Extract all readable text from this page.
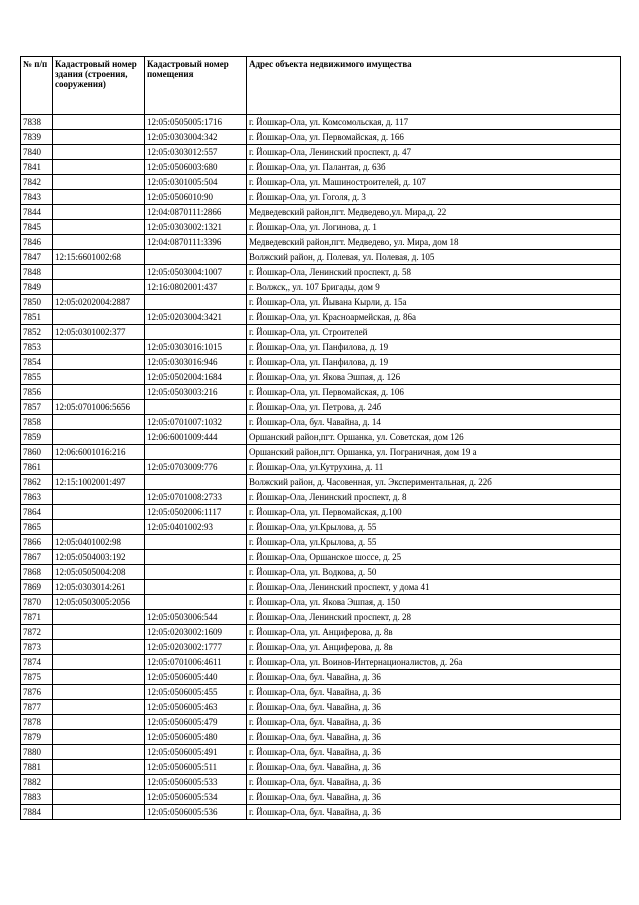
№ п/п	Кадастровый номер здания (строения, сооружения)	Кадастровый номер помещения	Адрес объекта недвижимого имущества
7838		12:05:0505005:1716	г. Йошкар-Ола, ул. Комсомольская, д. 117
7839		12:05:0303004:342	г. Йошкар-Ола, ул. Первомайская, д. 166
7840		12:05:0303012:557	г. Йошкар-Ола, Ленинский проспект, д. 47
7841		12:05:0506003:680	г. Йошкар-Ола, ул. Палантая, д. 63б
7842		12:05:0301005:504	г. Йошкар-Ола, ул. Машиностроителей, д. 107
7843		12:05:0506010:90	г. Йошкар-Ола, ул. Гоголя, д. 3
7844		12:04:0870111:2866	Медведевский район,пгт. Медведево,ул. Мира,д. 22
7845		12:05:0303002:1321	г. Йошкар-Ола, ул. Логинова, д. 1
7846		12:04:0870111:3396	Медведевский район,пгт. Медведево, ул. Мира, дом 18
7847	12:15:6601002:68		Волжский район, д. Полевая, ул. Полевая, д. 105
7848		12:05:0503004:1007	г. Йошкар-Ола, Ленинский проспект, д. 58
7849		12:16:0802001:437	г. Волжск,, ул. 107 Бригады, дом 9
7850	12:05:0202004:2887		г. Йошкар-Ола, ул. Йывана Кырли, д. 15а
7851		12:05:0203004:3421	г. Йошкар-Ола, ул. Красноармейская, д. 86а
7852	12:05:0301002:377		г. Йошкар-Ола, ул. Строителей
7853		12:05:0303016:1015	г. Йошкар-Ола, ул. Панфилова, д. 19
7854		12:05:0303016:946	г. Йошкар-Ола, ул. Панфилова, д. 19
7855		12:05:0502004:1684	г. Йошкар-Ола, ул. Якова Эшпая, д. 126
7856		12:05:0503003:216	г. Йошкар-Ола, ул. Первомайская, д. 106
7857	12:05:0701006:5656		г. Йошкар-Ола, ул. Петрова, д. 24б
7858		12:05:0701007:1032	г. Йошкар-Ола, бул. Чавайна, д. 14
7859		12:06:6001009:444	Оршанский район,пгт. Оршанка, ул. Советская, дом 126
7860	12:06:6001016:216		Оршанский район,пгт. Оршанка, ул. Пограничная, дом 19 а
7861		12:05:0703009:776	г. Йошкар-Ола, ул.Кутрухина, д. 11
7862	12:15:1002001:497		Волжский район, д. Часовенная, ул. Экспериментальная, д. 22б
7863		12:05:0701008:2733	г. Йошкар-Ола, Ленинский проспект, д. 8
7864		12:05:0502006:1117	г. Йошкар-Ола, ул. Первомайская, д.100
7865		12:05:0401002:93	г. Йошкар-Ола, ул.Крылова, д. 55
7866	12:05:0401002:98		г. Йошкар-Ола, ул.Крылова, д. 55
7867	12:05:0504003:192		г. Йошкар-Ола, Оршанское шоссе, д. 25
7868	12:05:0505004:208		г. Йошкар-Ола, ул. Водкова, д. 50
7869	12:05:0303014:261		г. Йошкар-Ола, Ленинский проспект, у дома 41
7870	12:05:0503005:2056		г. Йошкар-Ола, ул. Якова Эшпая, д. 150
7871		12:05:0503006:544	г. Йошкар-Ола, Ленинский проспект, д. 28
7872		12:05:0203002:1609	г. Йошкар-Ола, ул. Анциферова, д. 8в
7873		12:05:0203002:1777	г. Йошкар-Ола, ул. Анциферова, д. 8в
7874		12:05:0701006:4611	г. Йошкар-Ола, ул. Воинов-Интернационалистов, д. 26а
7875		12:05:0506005:440	г. Йошкар-Ола, бул. Чавайна, д. 36
7876		12:05:0506005:455	г. Йошкар-Ола, бул. Чавайна, д. 36
7877		12:05:0506005:463	г. Йошкар-Ола, бул. Чавайна, д. 36
7878		12:05:0506005:479	г. Йошкар-Ола, бул. Чавайна, д. 36
7879		12:05:0506005:480	г. Йошкар-Ола, бул. Чавайна, д. 36
7880		12:05:0506005:491	г. Йошкар-Ола, бул. Чавайна, д. 36
7881		12:05:0506005:511	г. Йошкар-Ола, бул. Чавайна, д. 36
7882		12:05:0506005:533	г. Йошкар-Ола, бул. Чавайна, д. 36
7883		12:05:0506005:534	г. Йошкар-Ола, бул. Чавайна, д. 36
7884		12:05:0506005:536	г. Йошкар-Ола, бул. Чавайна, д. 36
